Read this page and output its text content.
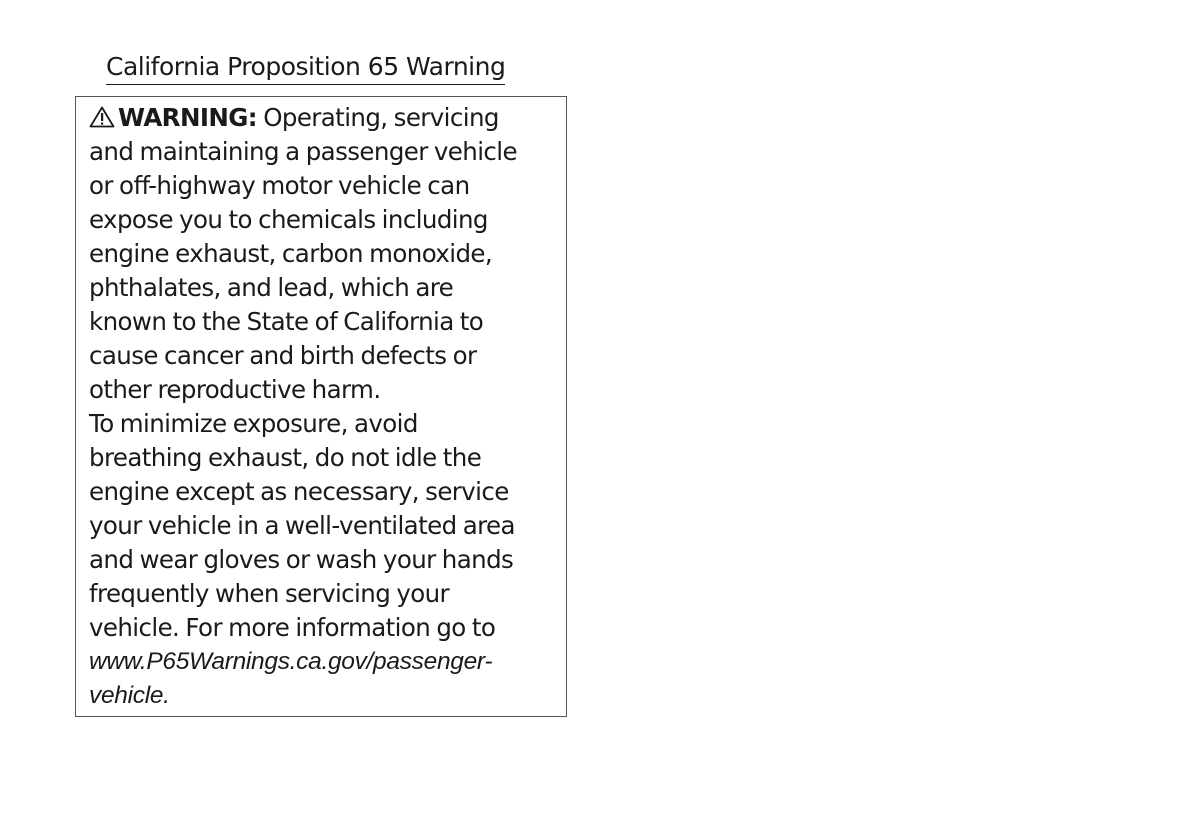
California Proposition 65 Warning
WARNING: Operating, servicing
and maintaining a passenger vehicle
or off-highway motor vehicle can
expose you to chemicals including
engine exhaust, carbon monoxide,
phthalates, and lead, which are
known to the State of California to
cause cancer and birth defects or
other reproductive harm.
To minimize exposure, avoid
breathing exhaust, do not idle the
engine except as necessary, service
your vehicle in a well-ventilated area
and wear gloves or wash your hands
frequently when servicing your
vehicle. For more information go to
www.P65Warnings.ca.gov/passenger-
vehicle.
